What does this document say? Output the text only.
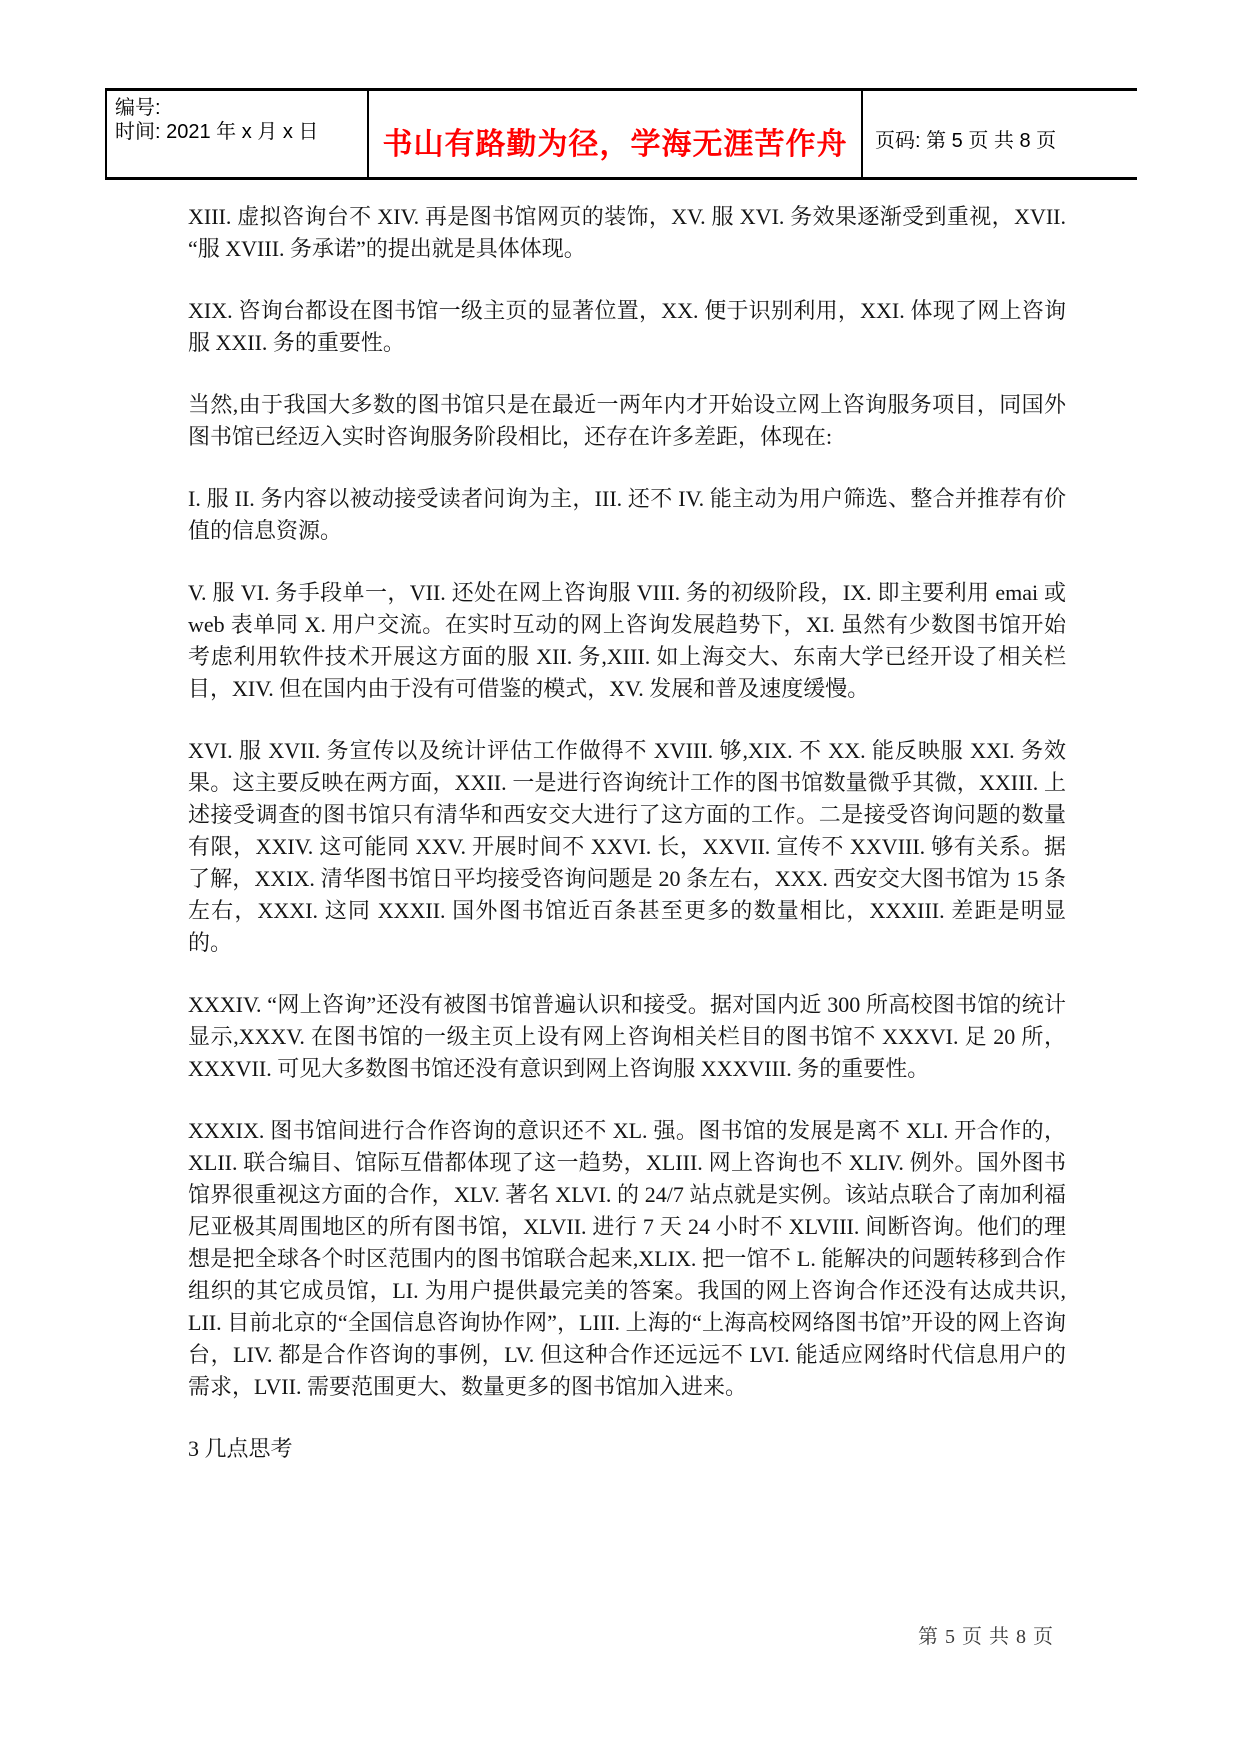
编号:
时间: 2021 年 x 月 x 日	书山有路勤为径，学海无涯苦作舟	页码: 第 5 页 共 8 页

XIII. 虚拟咨询台不 XIV. 再是图书馆网页的装饰，XV. 服 XVI. 务效果逐渐受到重视，XVII. “服 XVIII. 务承诺”的提出就是具体体现。

XIX. 咨询台都设在图书馆一级主页的显著位置，XX. 便于识别利用，XXI. 体现了网上咨询服 XXII. 务的重要性。

当然,由于我国大多数的图书馆只是在最近一两年内才开始设立网上咨询服务项目，同国外图书馆已经迈入实时咨询服务阶段相比，还存在许多差距，体现在:

I. 服 II. 务内容以被动接受读者问询为主，III. 还不 IV. 能主动为用户筛选、整合并推荐有价值的信息资源。

V. 服 VI. 务手段单一，VII. 还处在网上咨询服 VIII. 务的初级阶段，IX. 即主要利用 emai 或 web 表单同 X. 用户交流。在实时互动的网上咨询发展趋势下，XI. 虽然有少数图书馆开始考虑利用软件技术开展这方面的服 XII. 务,XIII. 如上海交大、东南大学已经开设了相关栏目，XIV. 但在国内由于没有可借鉴的模式，XV. 发展和普及速度缓慢。

XVI. 服 XVII. 务宣传以及统计评估工作做得不 XVIII. 够,XIX. 不 XX. 能反映服 XXI. 务效果。这主要反映在两方面，XXII. 一是进行咨询统计工作的图书馆数量微乎其微，XXIII. 上述接受调查的图书馆只有清华和西安交大进行了这方面的工作。二是接受咨询问题的数量有限，XXIV. 这可能同 XXV. 开展时间不 XXVI. 长，XXVII. 宣传不 XXVIII. 够有关系。据了解，XXIX. 清华图书馆日平均接受咨询问题是 20 条左右，XXX. 西安交大图书馆为 15 条左右，XXXI. 这同 XXXII. 国外图书馆近百条甚至更多的数量相比，XXXIII. 差距是明显的。

XXXIV. “网上咨询”还没有被图书馆普遍认识和接受。据对国内近 300 所高校图书馆的统计显示,XXXV. 在图书馆的一级主页上设有网上咨询相关栏目的图书馆不 XXXVI. 足 20 所，XXXVII. 可见大多数图书馆还没有意识到网上咨询服 XXXVIII. 务的重要性。

XXXIX. 图书馆间进行合作咨询的意识还不 XL. 强。图书馆的发展是离不 XLI. 开合作的，XLII. 联合编目、馆际互借都体现了这一趋势，XLIII. 网上咨询也不 XLIV. 例外。国外图书馆界很重视这方面的合作，XLV. 著名 XLVI. 的 24/7 站点就是实例。该站点联合了南加利福尼亚极其周围地区的所有图书馆，XLVII. 进行 7 天 24 小时不 XLVIII. 间断咨询。他们的理想是把全球各个时区范围内的图书馆联合起来,XLIX. 把一馆不 L. 能解决的问题转移到合作组织的其它成员馆，LI. 为用户提供最完美的答案。我国的网上咨询合作还没有达成共识, LII. 目前北京的“全国信息咨询协作网”，LIII. 上海的“上海高校网络图书馆”开设的网上咨询台，LIV. 都是合作咨询的事例，LV. 但这种合作还远远不 LVI. 能适应网络时代信息用户的需求，LVII. 需要范围更大、数量更多的图书馆加入进来。

3 几点思考

第 5 页 共 8 页
